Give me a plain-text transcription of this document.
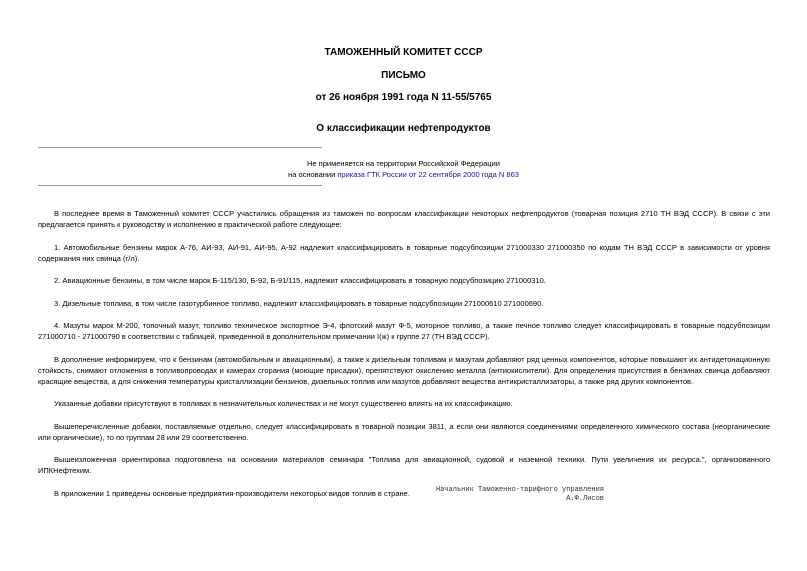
ТАМОЖЕННЫЙ КОМИТЕТ СССР
ПИСЬМО
от 26 ноября 1991 года N 11-55/5765
О классификации нефтепродуктов
Не применяется на территории Российской Федерации
на основании приказа ГТК России от 22 сентября 2000 года N 863

В последнее время в Таможенный комитет СССР участились обращения из таможен по вопросам классификации некоторых нефтепродуктов (товарная позиция 2710 ТН ВЭД СССР). В связи с эти предлагается принять к руководству и исполнению в практической работе следующее:

1. Автомобильные бензины марок А-76, АИ-93, АИ-91, АИ-95, А-92 надлежит классифицировать в товарные подсубпозиции 271000330 271000350 по кодам ТН ВЭД СССР в зависимости от уровня содержания них свинца (г/л).

2. Авиационные бензины, в том числе марок Б-115/130, Б-92, Б-91/115, надлежит классифицировать в товарную подсубпозицию 271000310.

3. Дизельные топлива, в том числе газотурбинное топливо, надлежит классифицировать в товарные подсубпозиции 271000610 271000690.

4. Мазуты марок М-200, топочный мазут, топливо техническое экспортное Э-4, флотский мазут Ф-5, моторное топливо, а также печное топливо следует классифицировать в товарные подсубпозиции 271000710 - 271000790 в соответствии с таблицей, приведенной в дополнительном примечании I(ж) к группе 27 (ТН ВЭД СССР).

В дополнение информируем, что к бензинам (автомобильным и авиационным), а также к дизельным топливам и мазутам добавляют ряд ценных компонентов, которые повышают их антидетонационную стойкость, снимают отложения в топливопроводах и камерах сгорания (моющие присадки), препятствуют окислению металла (антиокислители). Для определения присутствия в бензинах свинца добавляют красящие вещества, а для снижения температуры кристаллизации бензинов, дизельных топлив или мазутов добавляют вещества антикристаллизаторы, а также ряд других компонентов.

Указанные добавки присутствуют в топливах в незначительных количествах и не могут существенно влиять на их классификацию.

Вышеперечисленные добавки, поставляемые отдельно, следует классифицировать в товарной позиции 3811, а если они являются соединениями определенного химического состава (неорганические или органические), то по группам 28 или 29 соответственно.

Вышеизложенная ориентировка подготовлена на основании материалов семинара "Топлива для авиационной, судовой и наземной техники. Пути увеличения их ресурса.", организованного ИПКНефтехим.

В приложении 1 приведены основные предприятия-производители некоторых видов топлив в стране.	Начальник Таможенно-тарифного управления
А.Ф.Лисов
